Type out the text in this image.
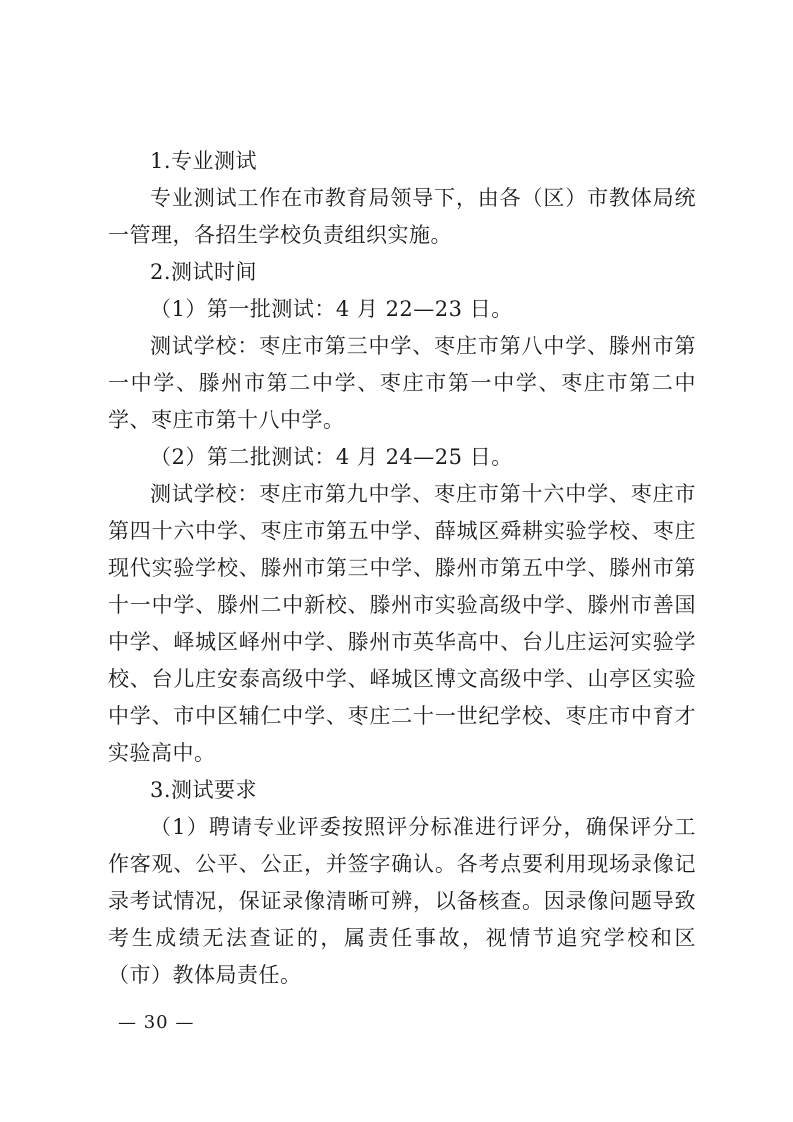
1.专业测试

专业测试工作在市教育局领导下，由各（区）市教体局统一管理，各招生学校负责组织实施。

2.测试时间

（1）第一批测试：4 月 22—23 日。

测试学校：枣庄市第三中学、枣庄市第八中学、滕州市第一中学、滕州市第二中学、枣庄市第一中学、枣庄市第二中学、枣庄市第十八中学。

（2）第二批测试：4 月 24—25 日。

测试学校：枣庄市第九中学、枣庄市第十六中学、枣庄市第四十六中学、枣庄市第五中学、薛城区舜耕实验学校、枣庄现代实验学校、滕州市第三中学、滕州市第五中学、滕州市第十一中学、滕州二中新校、滕州市实验高级中学、滕州市善国中学、峄城区峄州中学、滕州市英华高中、台儿庄运河实验学校、台儿庄安泰高级中学、峄城区博文高级中学、山亭区实验中学、市中区辅仁中学、枣庄二十一世纪学校、枣庄市中育才实验高中。

3.测试要求

（1）聘请专业评委按照评分标准进行评分，确保评分工作客观、公平、公正，并签字确认。各考点要利用现场录像记录考试情况，保证录像清晰可辨，以备核查。因录像问题导致考生成绩无法查证的，属责任事故，视情节追究学校和区（市）教体局责任。

— 30 —
